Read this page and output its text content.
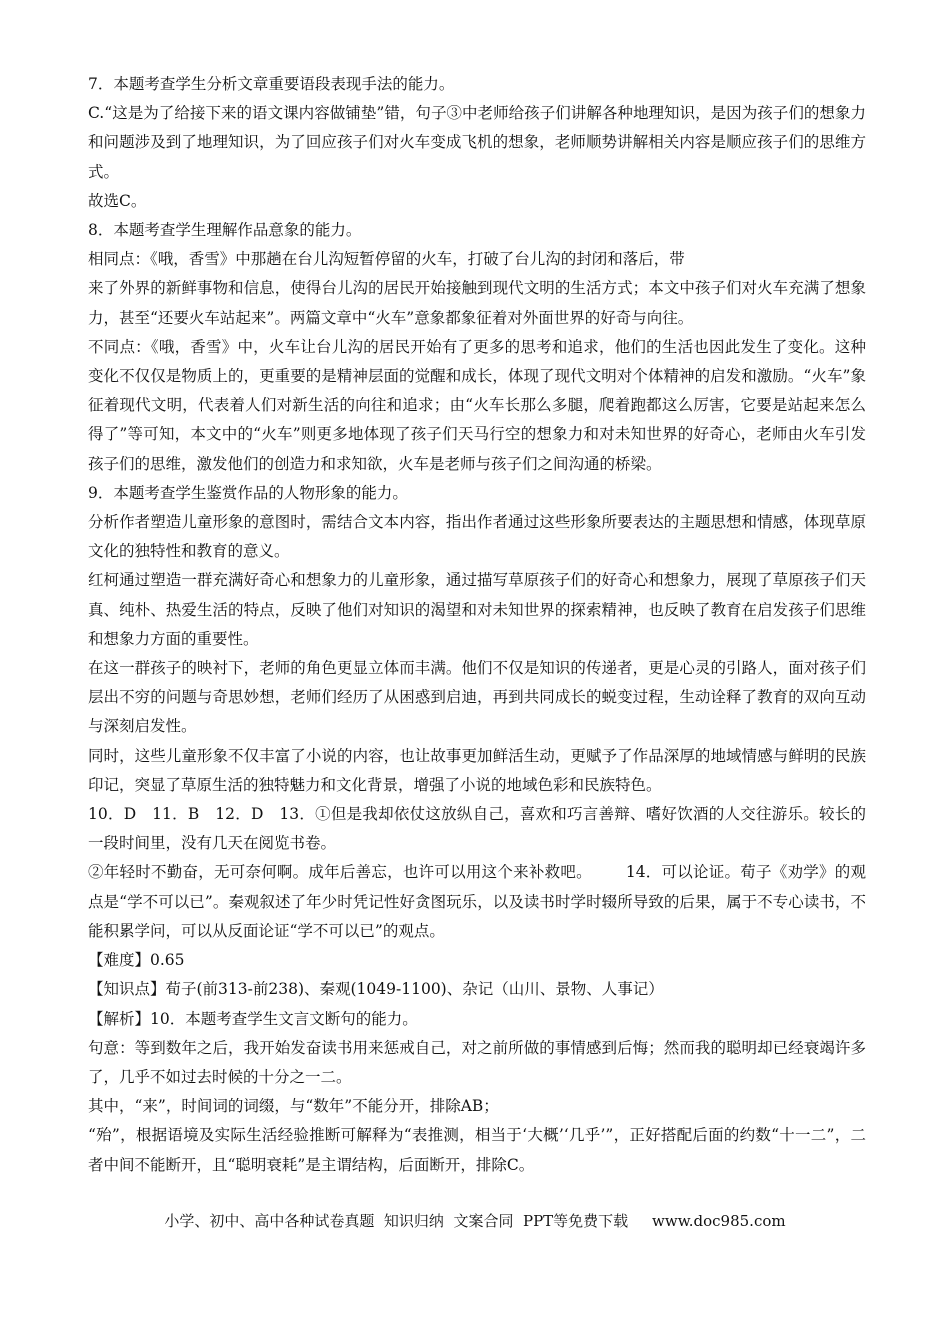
7．本题考查学生分析文章重要语段表现手法的能力。

C.“这是为了给接下来的语文课内容做铺垫”错，句子③中老师给孩子们讲解各种地理知识，是因为孩子们的想象力和问题涉及到了地理知识，为了回应孩子们对火车变成飞机的想象，老师顺势讲解相关内容是顺应孩子们的思维方式。

故选C。

8．本题考查学生理解作品意象的能力。

相同点：《哦，香雪》中那趟在台儿沟短暂停留的火车，打破了台儿沟的封闭和落后，带

来了外界的新鲜事物和信息，使得台儿沟的居民开始接触到现代文明的生活方式；本文中孩子们对火车充满了想象力，甚至“还要火车站起来”。两篇文章中“火车”意象都象征着对外面世界的好奇与向往。

不同点：《哦，香雪》中，火车让台儿沟的居民开始有了更多的思考和追求，他们的生活也因此发生了变化。这种变化不仅仅是物质上的，更重要的是精神层面的觉醒和成长，体现了现代文明对个体精神的启发和激励。“火车”象征着现代文明，代表着人们对新生活的向往和追求；由“火车长那么多腿，爬着跑都这么厉害，它要是站起来怎么得了”等可知，本文中的“火车”则更多地体现了孩子们天马行空的想象力和对未知世界的好奇心，老师由火车引发孩子们的思维，激发他们的创造力和求知欲，火车是老师与孩子们之间沟通的桥梁。

9．本题考查学生鉴赏作品的人物形象的能力。

分析作者塑造儿童形象的意图时，需结合文本内容，指出作者通过这些形象所要表达的主题思想和情感，体现草原文化的独特性和教育的意义。

红柯通过塑造一群充满好奇心和想象力的儿童形象，通过描写草原孩子们的好奇心和想象力，展现了草原孩子们天真、纯朴、热爱生活的特点，反映了他们对知识的渴望和对未知世界的探索精神，也反映了教育在启发孩子们思维和想象力方面的重要性。

在这一群孩子的映衬下，老师的角色更显立体而丰满。他们不仅是知识的传递者，更是心灵的引路人，面对孩子们层出不穷的问题与奇思妙想，老师们经历了从困惑到启迪，再到共同成长的蜕变过程，生动诠释了教育的双向互动与深刻启发性。

同时，这些儿童形象不仅丰富了小说的内容，也让故事更加鲜活生动，更赋予了作品深厚的地域情感与鲜明的民族印记，突显了草原生活的独特魅力和文化背景，增强了小说的地域色彩和民族特色。

10．D　11．B　12．D　13．①但是我却依仗这放纵自己，喜欢和巧言善辩、嗜好饮酒的人交往游乐。较长的一段时间里，没有几天在阅览书卷。

②年轻时不勤奋，无可奈何啊。成年后善忘，也许可以用这个来补救吧。 14．可以论证。荀子《劝学》的观点是“学不可以已”。秦观叙述了年少时凭记性好贪图玩乐，以及读书时学时辍所导致的后果，属于不专心读书，不能积累学问，可以从反面论证“学不可以已”的观点。

【难度】0.65

【知识点】荀子(前313-前238)、秦观(1049-1100)、杂记（山川、景物、人事记）

【解析】10．本题考查学生文言文断句的能力。

句意：等到数年之后，我开始发奋读书用来惩戒自己，对之前所做的事情感到后悔；然而我的聪明却已经衰竭许多了，几乎不如过去时候的十分之一二。

其中，“来”，时间词的词缀，与“数年”不能分开，排除AB；

“殆”，根据语境及实际生活经验推断可解释为“表推测，相当于‘大概’‘几乎’”，正好搭配后面的约数“十一二”，二者中间不能断开，且“聪明衰耗”是主谓结构，后面断开，排除C。

小学、初中、高中各种试卷真题  知识归纳  文案合同  PPT等免费下载     www.doc985.com
